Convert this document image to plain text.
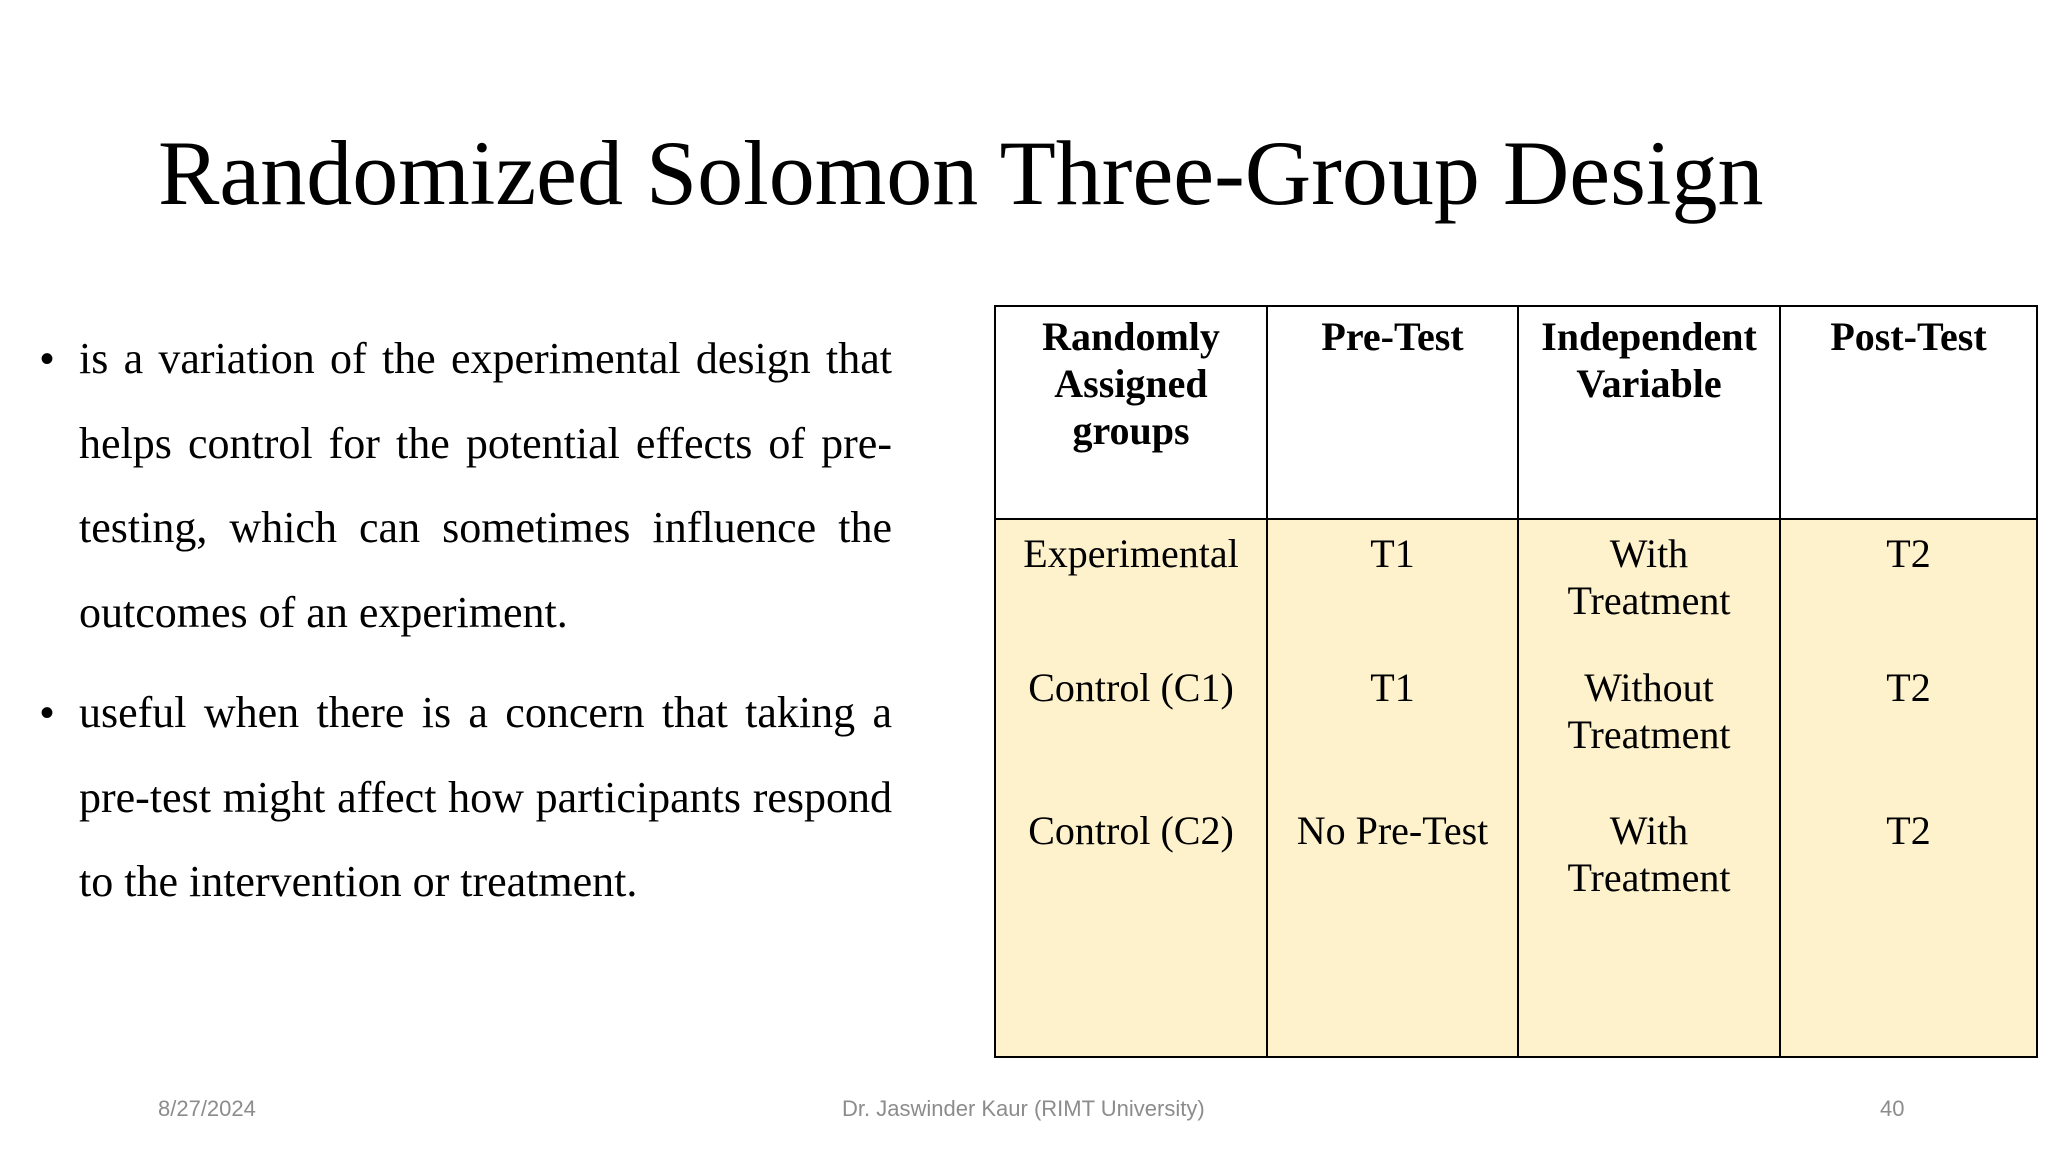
Randomized Solomon Three-Group Design
• is a variation of the experimental design that helps control for the potential effects of pre-testing, which can sometimes influence the outcomes of an experiment.
• useful when there is a concern that taking a pre-test might affect how participants respond to the intervention or treatment.
Randomly Assigned groups	Pre-Test	Independent Variable	Post-Test
Experimental	T1	With Treatment	T2
Control (C1)	T1	Without Treatment	T2
Control (C2)	No Pre-Test	With Treatment	T2
8/27/2024	Dr. Jaswinder Kaur (RIMT University)	40
